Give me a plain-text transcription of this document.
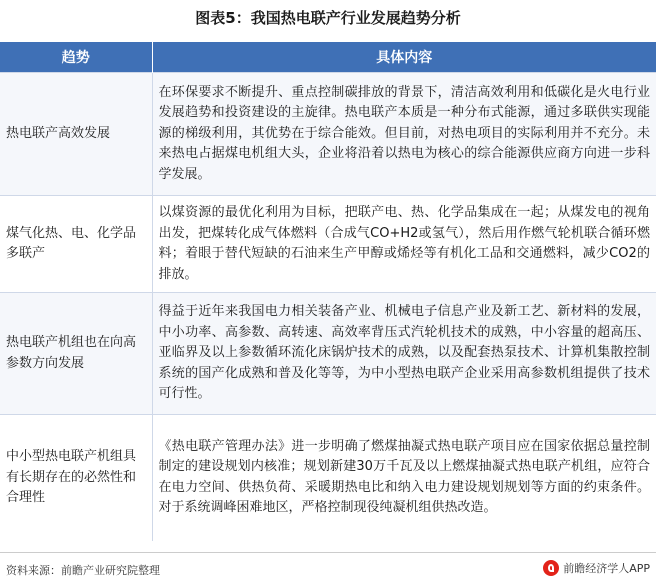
图表5：我国热电联产行业发展趋势分析
趋势	具体内容
热电联产高效发展	在环保要求不断提升、重点控制碳排放的背景下，清洁高效利用和低碳化是火电行业发展趋势和投资建设的主旋律。热电联产本质是一种分布式能源，通过多联供实现能源的梯级利用，其优势在于综合能效。但目前，对热电项目的实际利用并不充分。未来热电占据煤电机组大头，企业将沿着以热电为核心的综合能源供应商方向进一步科学发展。
煤气化热、电、化学品多联产	以煤资源的最优化利用为目标，把联产电、热、化学品集成在一起；从煤发电的视角出发，把煤转化成气体燃料（合成气CO+H2或氢气），然后用作燃气轮机联合循环燃料；着眼于替代短缺的石油来生产甲醇或烯烃等有机化工品和交通燃料，减少CO2的排放。
热电联产机组也在向高参数方向发展	得益于近年来我国电力相关装备产业、机械电子信息产业及新工艺、新材料的发展，中小功率、高参数、高转速、高效率背压式汽轮机技术的成熟，中小容量的超高压、亚临界及以上参数循环流化床锅炉技术的成熟，以及配套热泵技术、计算机集散控制系统的国产化成熟和普及化等等，为中小型热电联产企业采用高参数机组提供了技术可行性。
中小型热电联产机组具有长期存在的必然性和合理性	《热电联产管理办法》进一步明确了燃煤抽凝式热电联产项目应在国家依据总量控制制定的建设规划内核准；规划新建30万千瓦及以上燃煤抽凝式热电联产机组，应符合在电力空间、供热负荷、采暖期热电比和纳入电力建设规划规划等方面的约束条件。对于系统调峰困难地区，严格控制现役纯凝机组供热改造。
资料来源：前瞻产业研究院整理	前瞻经济学人APP
